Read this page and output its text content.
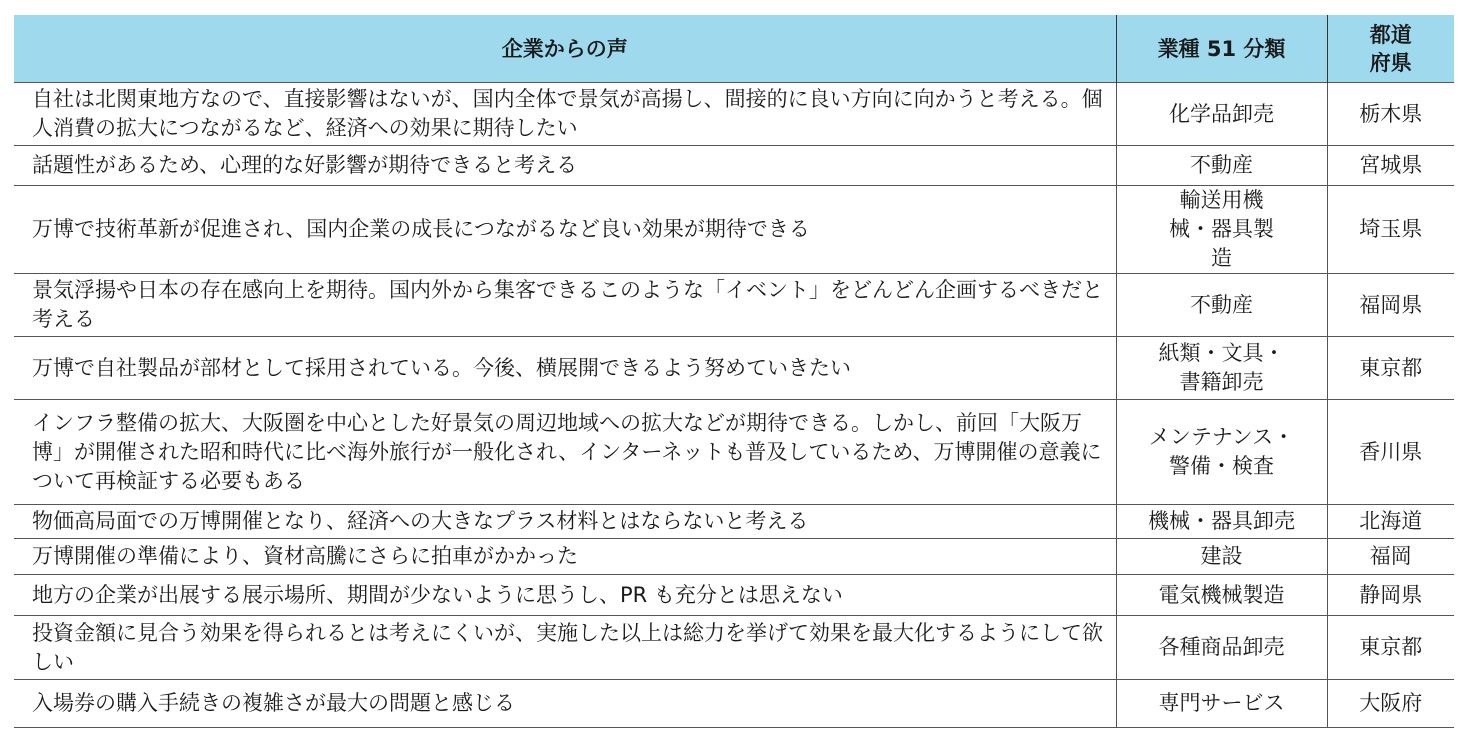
企業からの声	業種 51 分類	都道府県
自社は北関東地方なので、直接影響はないが、国内全体で景気が高揚し、間接的に良い方向に向かうと考える。個人消費の拡大につながるなど、経済への効果に期待したい	化学品卸売	栃木県
話題性があるため、心理的な好影響が期待できると考える	不動産	宮城県
万博で技術革新が促進され、国内企業の成長につながるなど良い効果が期待できる	輸送用機械・器具製造	埼玉県
景気浮揚や日本の存在感向上を期待。国内外から集客できるこのような「イベント」をどんどん企画するべきだと考える	不動産	福岡県
万博で自社製品が部材として採用されている。今後、横展開できるよう努めていきたい	紙類・文具・書籍卸売	東京都
インフラ整備の拡大、大阪圏を中心とした好景気の周辺地域への拡大などが期待できる。しかし、前回「大阪万博」が開催された昭和時代に比べ海外旅行が一般化され、インターネットも普及しているため、万博開催の意義について再検証する必要もある	メンテナンス・警備・検査	香川県
物価高局面での万博開催となり、経済への大きなプラス材料とはならないと考える	機械・器具卸売	北海道
万博開催の準備により、資材高騰にさらに拍車がかかった	建設	福岡
地方の企業が出展する展示場所、期間が少ないように思うし、PR も充分とは思えない	電気機械製造	静岡県
投資金額に見合う効果を得られるとは考えにくいが、実施した以上は総力を挙げて効果を最大化するようにして欲しい	各種商品卸売	東京都
入場券の購入手続きの複雑さが最大の問題と感じる	専門サービス	大阪府
